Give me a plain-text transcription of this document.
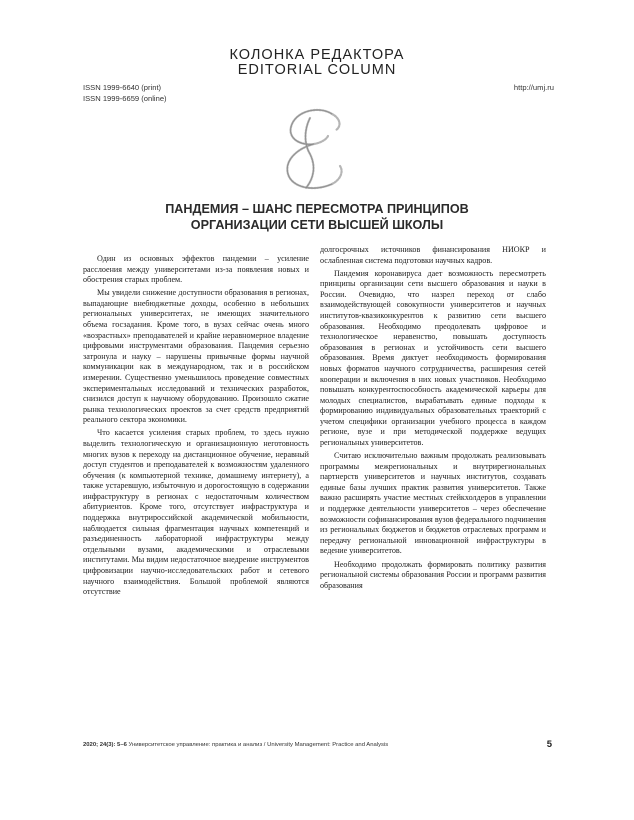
КОЛОНКА РЕДАКТОРА
EDITORIAL COLUMN
ISSN 1999-6640 (print)
ISSN 1999-6659 (online)
http://umj.ru
ПАНДЕМИЯ – ШАНС ПЕРЕСМОТРА ПРИНЦИПОВ
ОРГАНИЗАЦИИ СЕТИ ВЫСШЕЙ ШКОЛЫ

Один из основных эффектов пандемии – усиление расслоения между университетами из-за появления новых и обострения старых проблем.

Мы увидели снижение доступности образования в регионах, выпадающие внебюджетные доходы, особенно в небольших региональных университетах, не имеющих значительного объема госзадания. Кроме того, в вузах сейчас очень много «возрастных» преподавателей и крайне неравномерное владение цифровыми инструментами образования. Пандемия серьезно затронула и науку – нарушены привычные формы научной коммуникации как в международном, так и в российском измерении. Существенно уменьшилось проведение совместных экспериментальных исследований и технических разработок, снизился доступ к научному оборудованию. Произошло сжатие рынка технологических проектов за счет средств предприятий реального сектора экономики.

Что касается усиления старых проблем, то здесь нужно выделить технологическую и организационную неготовность многих вузов к переходу на дистанционное обучение, неравный доступ студентов и преподавателей к возможностям удаленного обучения (к компьютерной технике, домашнему интернету), а также устаревшую, избыточную и дорогостоящую в содержании инфраструктуру в регионах с недостаточным количеством абитуриентов. Кроме того, отсутствует инфраструктура и поддержка внутрироссийской академической мобильности, наблюдается сильная фрагментация научных компетенций и разъединенность лабораторной инфраструктуры между отдельными вузами, академическими и отраслевыми институтами. Мы видим недостаточное внедрение инструментов цифровизации научно-исследовательских работ и сетевого научного взаимодействия. Большой проблемой являются отсутствие

долгосрочных источников финансирования НИОКР и ослабленная система подготовки научных кадров.

Пандемия коронавируса дает возможность пересмотреть принципы организации сети высшего образования и науки в России. Очевидно, что назрел переход от слабо взаимодействующей совокупности университетов и научных институтов-квазиконкурентов к развитию сети высшего образования. Необходимо преодолевать цифровое и технологическое неравенство, повышать доступность образования в регионах и устойчивость сети высшего образования. Время диктует необходимость формирования новых форматов научного сотрудничества, расширения сетей кооперации и включения в них новых участников. Необходимо повышать конкурентоспособность академической карьеры для молодых специалистов, вырабатывать единые подходы к формированию индивидуальных образовательных траекторий с учетом специфики организации учебного процесса в каждом регионе, вузе и при методической поддержке ведущих региональных университетов.

Считаю исключительно важным продолжать реализовывать программы межрегиональных и внутрирегиональных партнерств университетов и научных институтов, создавать единые базы лучших практик развития университетов. Также важно расширять участие местных стейкхолдеров в управлении и поддержке деятельности университетов – через обеспечение возможности софинансирования вузов федерального подчинения из региональных бюджетов и бюджетов отраслевых программ и передачу региональной инновационной инфраструктуры в ведение университетов.

Необходимо продолжать формировать политику развития региональной системы образования России и программ развития образования

2020; 24(3): 5–6 Университетское управление: практика и анализ / University Management: Practice and Analysis	5
